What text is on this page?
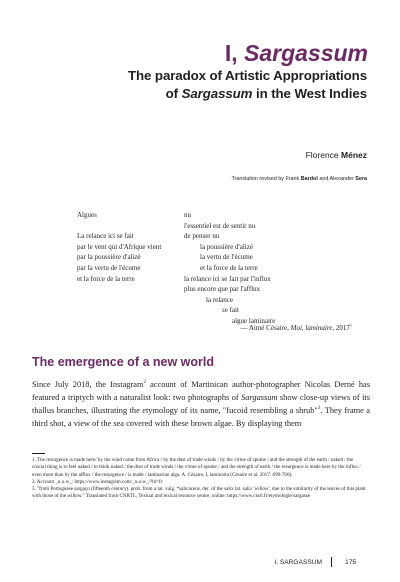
I, Sargassum
The paradox of Artistic Appropriations
of Sargassum in the West Indies
Florence Ménez
Translation revised by Frank Bardol and Alexander Sera
Algues

La relance ici se fait
par le vent qui d'Afrique vient
par la poussière d'alizé
par la vertu de l'écume
et la force de la terre
nu
l'essentiel est de sentir nu
de penser nu
la poussière d'alizé
la vertu de l'écume
et la force de la terre
la relance ici se fait par l'influx
plus encore que par l'afflux
la relance
se fait
algue laminaire
— Aimé Césaire, Moi, laminaire, 2017$^1$
The emergence of a new world
Since July 2018, the Instagram$^2$ account of Martinican author-photographer Nicolas Derné has featured a triptych with a naturalist look: two photographs of Sargassum show close-up views of its thallus branches, illustrating the etymology of its name, "fucoid resembling a shrub"$^3$. They frame a third shot, a view of the sea covered with these brown algae. By displaying them
1. The resurgence is made here/ by the wind come from Africa / by the dust of trade winds / by the virtue of spume / and the strength of the earth / naked / the crucial thing is to feel naked / to think naked / the dust of trade winds / the virtue of spume / and the strength of earth / the resurgence is made here by the influx / even more than by the afflux / the resurgence / is made / laminarian alga. A. Césaire, I, laminaria (Césaire et al. 2017: 699-700).
2. Account _n.o.w_: https://www.instagram.com/_n.o.w_/?hl=fr
3. "from Portuguese sargaço (fifteenth century). prob. from a lat. vulg. *salicaceus, der. of the salix lat. salix 'willow', due to the similarity of the leaves of this plant with those of the willow." Translated from CNRTL, Textual and lexical resource centre, online: https://www.cnrtl.fr/etymologie/sargasse
I, SARGASSUM	175
